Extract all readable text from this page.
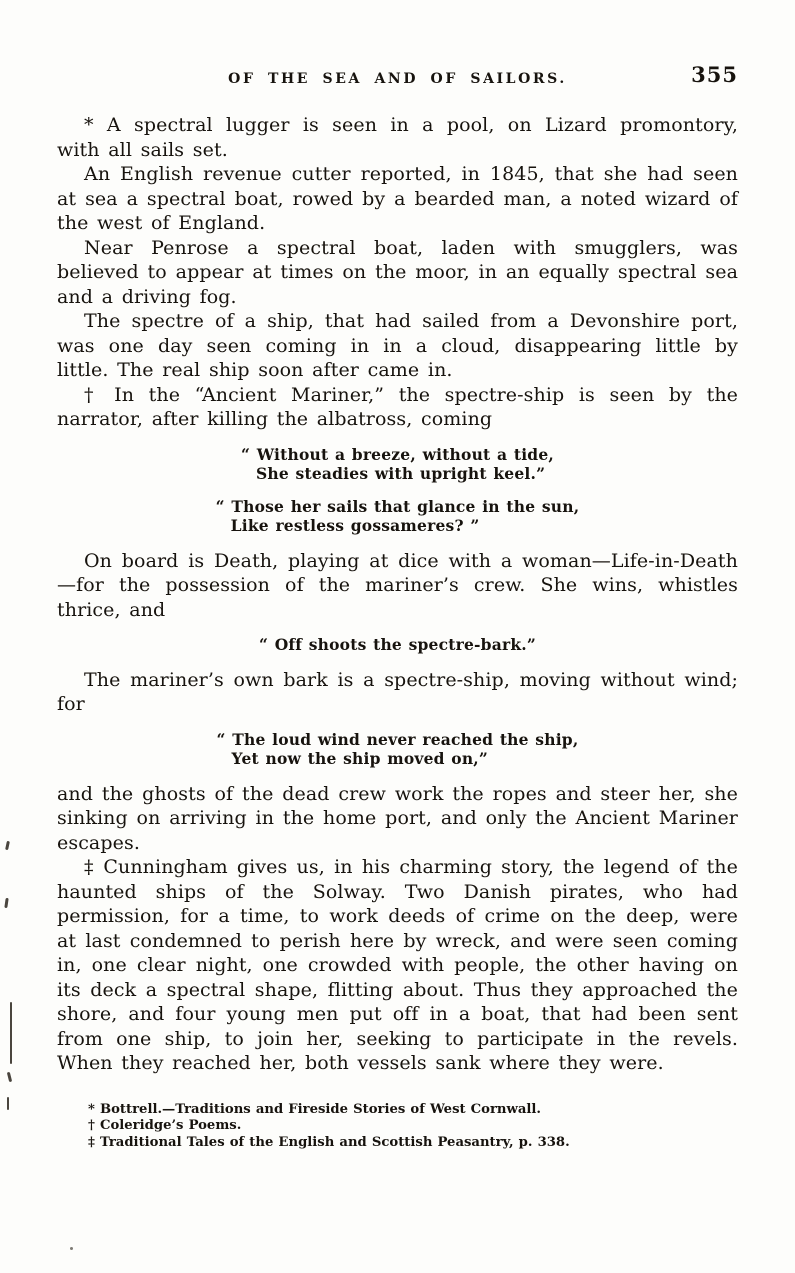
OF THE SEA AND OF SAILORS.	355

* A spectral lugger is seen in a pool, on Lizard promontory, with all sails set.

An English revenue cutter reported, in 1845, that she had seen at sea a spectral boat, rowed by a bearded man, a noted wizard of the west of England.

Near Penrose a spectral boat, laden with smugglers, was believed to appear at times on the moor, in an equally spectral sea and a driving fog.

The spectre of a ship, that had sailed from a Devonshire port, was one day seen coming in in a cloud, disappearing little by little. The real ship soon after came in.

† In the “Ancient Mariner,” the spectre-ship is seen by the narrator, after killing the albatross, coming

“ Without a breeze, without a tide,
She steadies with upright keel.”
“ Those her sails that glance in the sun,
Like restless gossameres? ”

On board is Death, playing at dice with a woman—Life-in-Death—for the possession of the mariner’s crew. She wins, whistles thrice, and

“ Off shoots the spectre-bark.”

The mariner’s own bark is a spectre-ship, moving without wind; for

“ The loud wind never reached the ship,
Yet now the ship moved on,”

and the ghosts of the dead crew work the ropes and steer her, she sinking on arriving in the home port, and only the Ancient Mariner escapes.

‡ Cunningham gives us, in his charming story, the legend of the haunted ships of the Solway. Two Danish pirates, who had permission, for a time, to work deeds of crime on the deep, were at last condemned to perish here by wreck, and were seen coming in, one clear night, one crowded with people, the other having on its deck a spectral shape, flitting about. Thus they approached the shore, and four young men put off in a boat, that had been sent from one ship, to join her, seeking to participate in the revels. When they reached her, both vessels sank where they were.

* Bottrell.—Traditions and Fireside Stories of West Cornwall.
† Coleridge’s Poems.
‡ Traditional Tales of the English and Scottish Peasantry, p. 338.
